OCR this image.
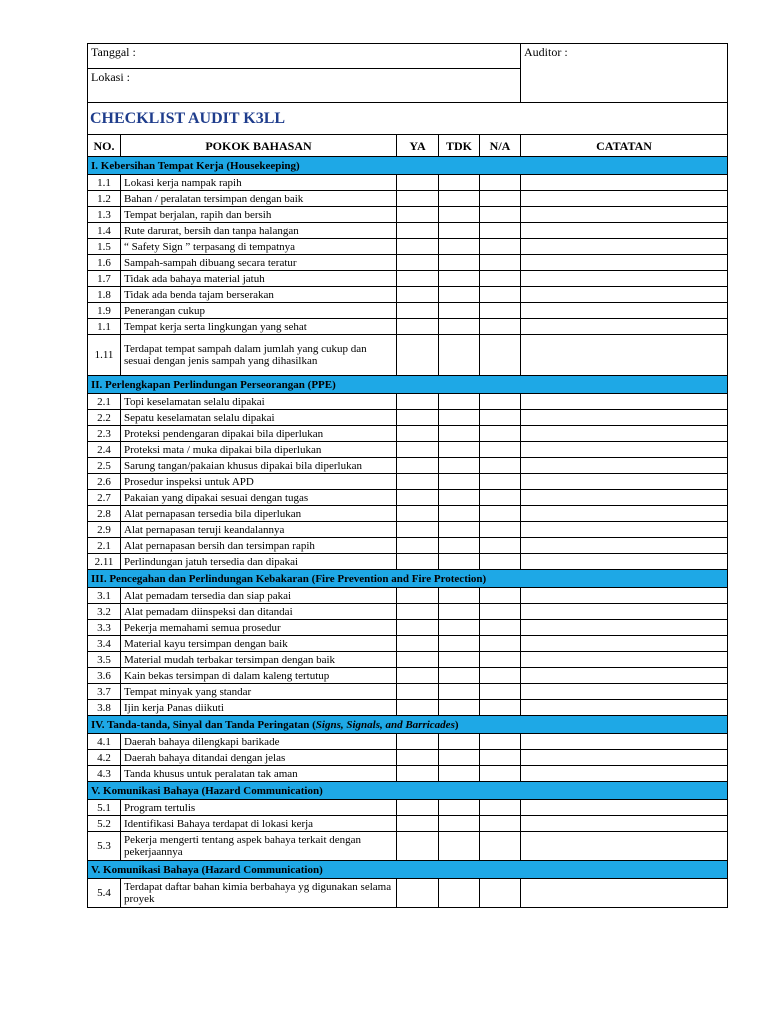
Tanggal :					Auditor :
Lokasi :					
CHECKLIST AUDIT K3LL					
NO.	POKOK BAHASAN	YA	TDK	N/A	CATATAN
I. Kebersihan Tempat Kerja (Housekeeping)					
1.1	Lokasi kerja nampak rapih				
1.2	Bahan / peralatan tersimpan dengan baik				
1.3	Tempat berjalan, rapih dan bersih				
1.4	Rute darurat, bersih dan tanpa halangan				
1.5	“ Safety Sign ” terpasang di tempatnya				
1.6	Sampah-sampah dibuang secara teratur				
1.7	Tidak ada bahaya material jatuh				
1.8	Tidak ada benda tajam berserakan				
1.9	Penerangan cukup				
1.1	Tempat kerja serta lingkungan yang sehat				
1.11	Terdapat tempat sampah dalam jumlah yang cukup dan sesuai dengan jenis sampah yang dihasilkan				
II. Perlengkapan Perlindungan Perseorangan (PPE)					
2.1	Topi keselamatan selalu dipakai				
2.2	Sepatu keselamatan selalu dipakai				
2.3	Proteksi pendengaran dipakai bila diperlukan				
2.4	Proteksi mata / muka dipakai bila diperlukan				
2.5	Sarung tangan/pakaian khusus dipakai bila diperlukan				
2.6	Prosedur inspeksi untuk APD				
2.7	Pakaian yang dipakai sesuai dengan tugas				
2.8	Alat pernapasan tersedia bila diperlukan				
2.9	Alat pernapasan teruji keandalannya				
2.1	Alat pernapasan bersih dan tersimpan rapih				
2.11	Perlindungan jatuh tersedia dan dipakai				
III. Pencegahan dan Perlindungan Kebakaran (Fire Prevention and Fire Protection)					
3.1	Alat pemadam tersedia dan siap pakai				
3.2	Alat pemadam diinspeksi dan ditandai				
3.3	Pekerja memahami semua prosedur				
3.4	Material kayu tersimpan dengan baik				
3.5	Material mudah terbakar tersimpan dengan baik				
3.6	Kain bekas tersimpan di dalam kaleng tertutup				
3.7	Tempat minyak yang standar				
3.8	Ijin kerja Panas diikuti				
IV. Tanda-tanda, Sinyal dan Tanda Peringatan (Signs, Signals, and Barricades)					
4.1	Daerah bahaya dilengkapi barikade				
4.2	Daerah bahaya ditandai dengan jelas				
4.3	Tanda khusus untuk peralatan tak aman				
V. Komunikasi Bahaya (Hazard Communication)					
5.1	Program tertulis				
5.2	Identifikasi Bahaya terdapat di lokasi kerja				
5.3	Pekerja mengerti tentang aspek bahaya terkait dengan pekerjaannya				
V. Komunikasi Bahaya (Hazard Communication)					
5.4	Terdapat daftar bahan kimia berbahaya yg digunakan selama proyek				
